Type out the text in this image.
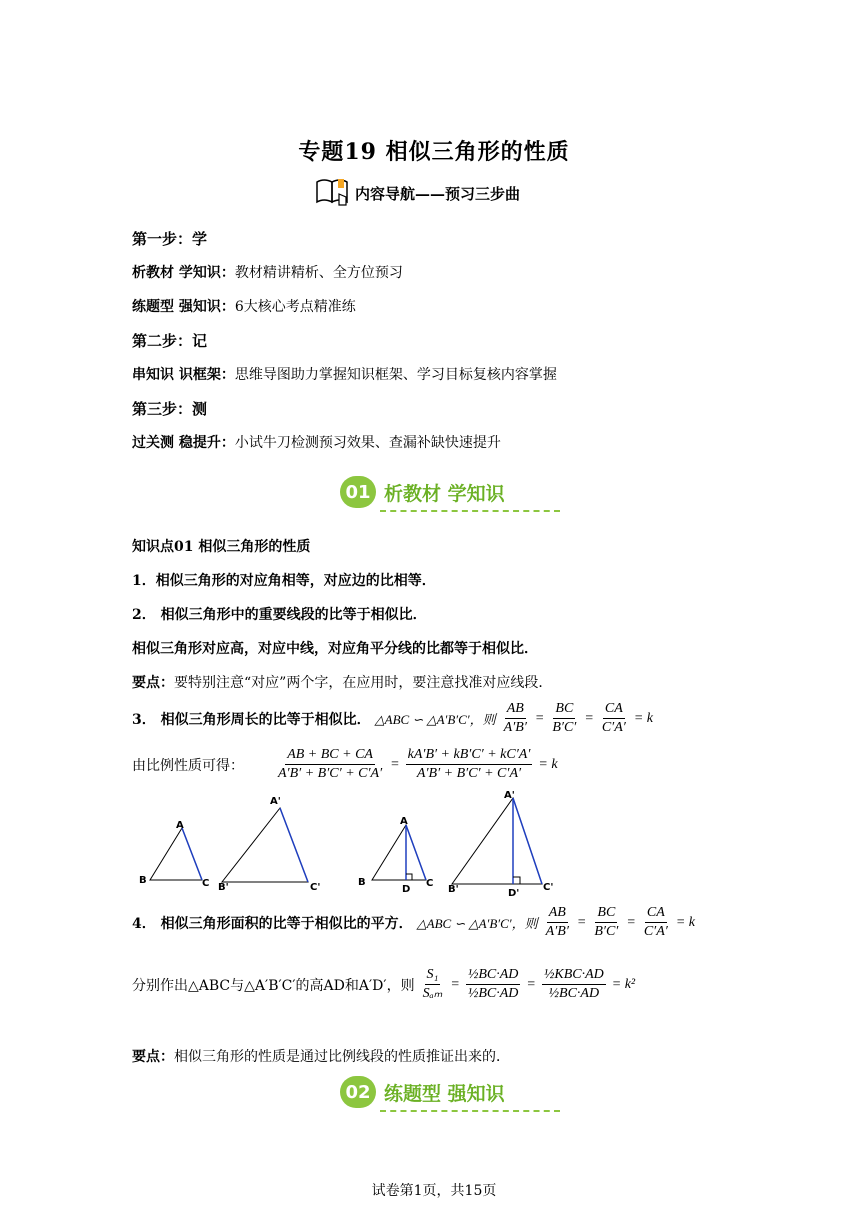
专题19 相似三角形的性质
内容导航——预习三步曲
第一步：学
析教材 学知识：教材精讲精析、全方位预习
练题型 强知识：6大核心考点精准练
第二步：记
串知识 识框架：思维导图助力掌握知识框架、学习目标复核内容掌握
第三步：测
过关测 稳提升：小试牛刀检测预习效果、查漏补缺快速提升
01 析教材 学知识
知识点01 相似三角形的性质
1．相似三角形的对应角相等，对应边的比相等．
2． 相似三角形中的重要线段的比等于相似比．
相似三角形对应高，对应中线，对应角平分线的比都等于相似比．
要点：要特别注意“对应”两个字，在应用时，要注意找准对应线段．
3． 相似三角形周长的比等于相似比． △ABC ∽ △A′B′C′，则 $\frac{AB}{A'B'} = \frac{BC}{B'C'} = \frac{CA}{C'A'} = k$
由比例性质可得： $\frac{AB + BC + CA}{A'B' + B'C' + C'A'} = \frac{kA'B' + kB'C' + kC'A'}{A'B' + B'C' + C'A'} = k$
A
B	C
A'
B'	C'
A
B	C
D
A'
B'	C'
D'
4． 相似三角形面积的比等于相似比的平方． △ABC ∽ △A′B′C′，则 $\frac{AB}{A'B'} = \frac{BC}{B'C'} = \frac{CA}{C'A'} = k$
分别作出△ABC与△A′B′C′的高AD和A′D′，则 $\frac{\text{S₁}}{\text{Sₐₘ}} = \frac{\text{½BC·AD}}{\text{½BC·AD}} = \frac{\text{½KBC·AD}}{\text{½BC·AD}} = k^2$
要点：相似三角形的性质是通过比例线段的性质推证出来的．
02 练题型 强知识
试卷第1页，共15页
